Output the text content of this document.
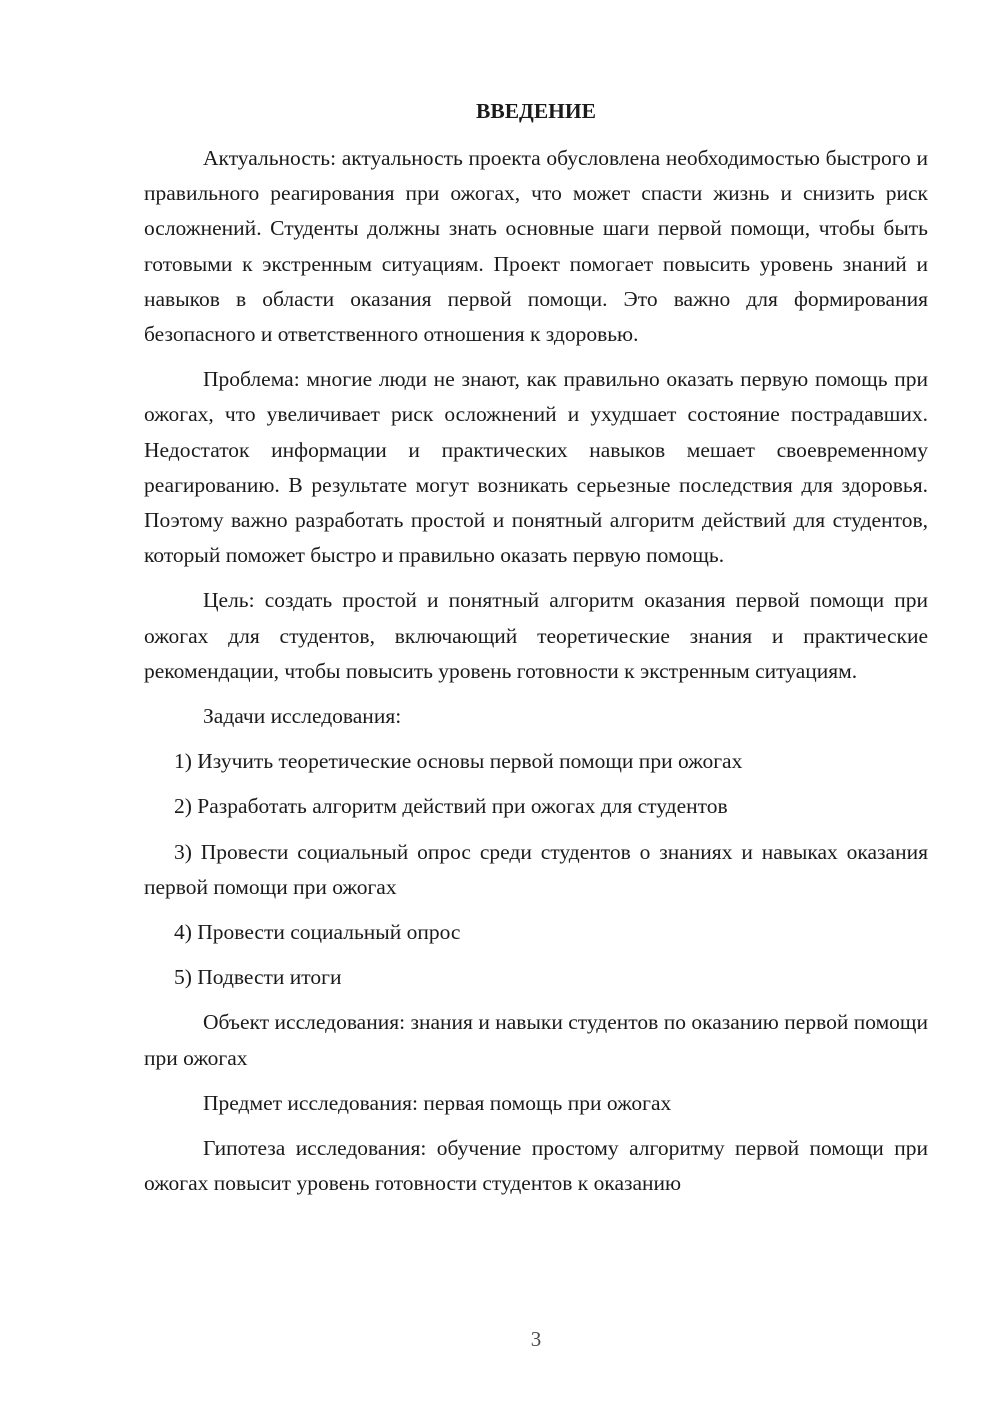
ВВЕДЕНИЕ

Актуальность: актуальность проекта обусловлена необходимостью быстрого и правильного реагирования при ожогах, что может спасти жизнь и снизить риск осложнений. Студенты должны знать основные шаги первой помощи, чтобы быть готовыми к экстренным ситуациям. Проект помогает повысить уровень знаний и навыков в области оказания первой помощи. Это важно для формирования безопасного и ответственного отношения к здоровью.

Проблема: многие люди не знают, как правильно оказать первую помощь при ожогах, что увеличивает риск осложнений и ухудшает состояние пострадавших. Недостаток информации и практических навыков мешает своевременному реагированию. В результате могут возникать серьезные последствия для здоровья. Поэтому важно разработать простой и понятный алгоритм действий для студентов, который поможет быстро и правильно оказать первую помощь.

Цель: создать простой и понятный алгоритм оказания первой помощи при ожогах для студентов, включающий теоретические знания и практические рекомендации, чтобы повысить уровень готовности к экстренным ситуациям.

Задачи исследования:

1) Изучить теоретические основы первой помощи при ожогах

2) Разработать алгоритм действий при ожогах для студентов

3) Провести социальный опрос среди студентов о знаниях и навыках оказания первой помощи при ожогах

4) Провести социальный опрос

5) Подвести итоги

Объект исследования: знания и навыки студентов по оказанию первой помощи при ожогах

Предмет исследования: первая помощь при ожогах

Гипотеза исследования: обучение простому алгоритму первой помощи при ожогах повысит уровень готовности студентов к оказанию

3
